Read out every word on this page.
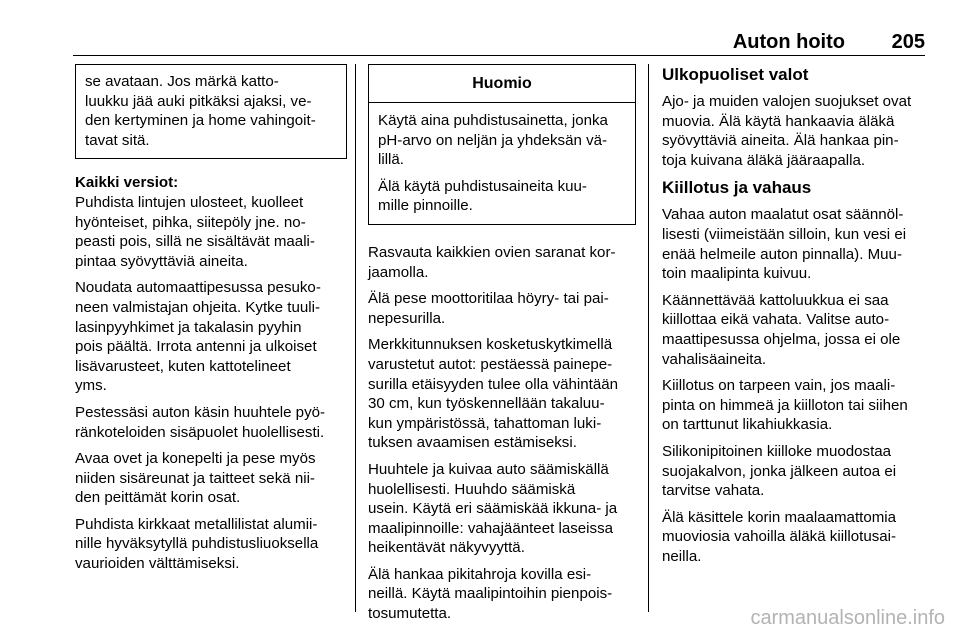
Auton hoito 205

se avataan. Jos märkä katto-
luukku jää auki pitkäksi ajaksi, ve-
den kertyminen ja home vahingoit-
tavat sitä.

Kaikki versiot:

Puhdista lintujen ulosteet, kuolleet
hyönteiset, pihka, siitepöly jne. no-
peasti pois, sillä ne sisältävät maali-
pintaa syövyttäviä aineita.

Noudata automaattipesussa pesuko-
neen valmistajan ohjeita. Kytke tuuli-
lasinpyyhkimet ja takalasin pyyhin
pois päältä. Irrota antenni ja ulkoiset
lisävarusteet, kuten kattotelineet
yms.

Pestessäsi auton käsin huuhtele pyö-
ränkoteloiden sisäpuolet huolellisesti.

Avaa ovet ja konepelti ja pese myös
niiden sisäreunat ja taitteet sekä nii-
den peittämät korin osat.

Puhdista kirkkaat metallilistat alumii-
nille hyväksytyllä puhdistusliuoksella
vaurioiden välttämiseksi.

Huomio

Käytä aina puhdistusainetta, jonka
pH-arvo on neljän ja yhdeksän vä-
lillä.

Älä käytä puhdistusaineita kuu-
mille pinnoille.

Rasvauta kaikkien ovien saranat kor-
jaamolla.

Älä pese moottoritilaa höyry- tai pai-
nepesurilla.

Merkkitunnuksen kosketuskytkimellä
varustetut autot: pestäessä painepe-
surilla etäisyyden tulee olla vähintään
30 cm, kun työskennellään takaluu-
kun ympäristössä, tahattoman luki-
tuksen avaamisen estämiseksi.

Huuhtele ja kuivaa auto säämiskällä
huolellisesti. Huuhdo säämiskä
usein. Käytä eri säämiskää ikkuna- ja
maalipinnoille: vahajäänteet laseissa
heikentävät näkyvyyttä.

Älä hankaa pikitahroja kovilla esi-
neillä. Käytä maalipintoihin pienpois-
tosumutetta.

Ulkopuoliset valot

Ajo- ja muiden valojen suojukset ovat
muovia. Älä käytä hankaavia äläkä
syövyttäviä aineita. Älä hankaa pin-
toja kuivana äläkä jääraapalla.

Kiillotus ja vahaus

Vahaa auton maalatut osat säännöl-
lisesti (viimeistään silloin, kun vesi ei
enää helmeile auton pinnalla). Muu-
toin maalipinta kuivuu.

Käännettävää kattoluukkua ei saa
kiillottaa eikä vahata. Valitse auto-
maattipesussa ohjelma, jossa ei ole
vahalisäaineita.

Kiillotus on tarpeen vain, jos maali-
pinta on himmeä ja kiilloton tai siihen
on tarttunut likahiukkasia.

Silikonipitoinen kiilloke muodostaa
suojakalvon, jonka jälkeen autoa ei
tarvitse vahata.

Älä käsittele korin maalaamattomia
muoviosia vahoilla äläkä kiillotusai-
neilla.

carmanualsonline.info
